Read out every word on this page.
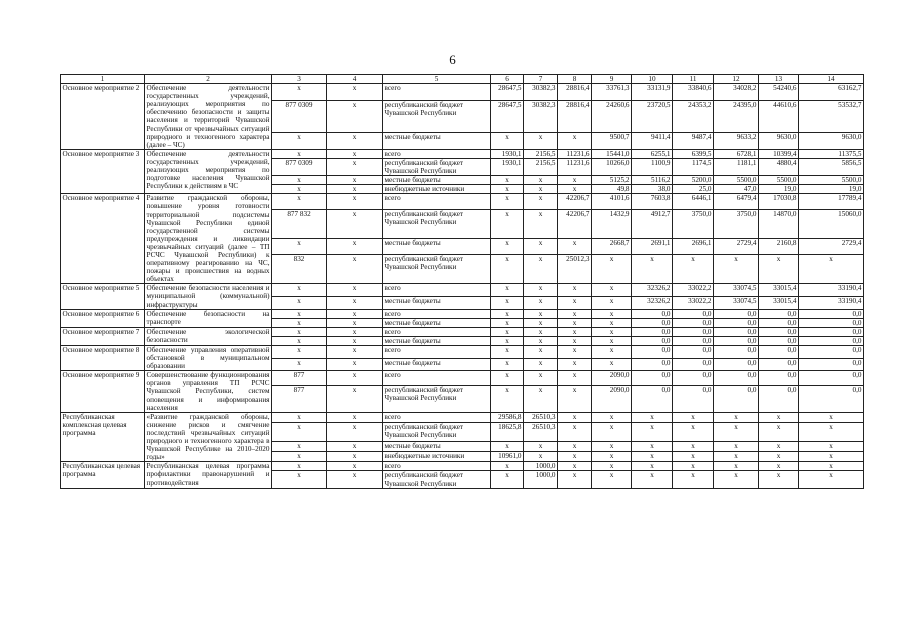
6
1	2	3	4	5	6	7	8	9	10	11	12	13	14
Основное мероприятие 2	Обеспечение деятельности государственных учреждений, реализующих мероприятия по обеспечению безопасности и защиты населения и территорий Чувашской Республики от чрезвычайных ситуаций природного и техногенного характера (далее – ЧС)	x	x	всего	28647,5	30382,3	28816,4	33761,3	33131,9	33840,6	34028,2	54240,6	63162,7
		877 0309	x	республиканский бюджет Чувашской Республики	28647,5	30382,3	28816,4	24260,6	23720,5	24353,2	24395,0	44610,6	53532,7
		x	x	местные бюджеты	x	x	x	9500,7	9411,4	9487,4	9633,2	9630,0	9630,0
Основное мероприятие 3	Обеспечение деятельности государственных учреждений, реализующих мероприятия по подготовке населения Чувашской Республики к действиям в ЧС	x	x	всего	1930,1	2156,5	11231,6	15441,0	6255,1	6399,5	6728,1	10399,4	11375,5
		877 0309	x	республиканский бюджет Чувашской Республики	1930,1	2156,5	11231,6	10266,0	1100,9	1174,5	1181,1	4880,4	5856,5
		x	x	местные бюджеты	x	x	x	5125,2	5116,2	5200,0	5500,0	5500,0	5500,0
		x	x	внебюджетные источники	x	x	x	49,8	38,0	25,0	47,0	19,0	19,0
Основное мероприятие 4	Развитие гражданской обороны, повышение уровня готовности территориальной подсистемы Чувашской Республики единой государственной системы предупреждения и ликвидации чрезвычайных ситуаций (далее – ТП РСЧС Чувашской Республики) к оперативному реагированию на ЧС, пожары и происшествия на водных объектах	x	x	всего	x	x	42206,7	4101,6	7603,8	6446,1	6479,4	17030,8	17789,4
		877 832	x	республиканский бюджет Чувашской Республики	x	x	42206,7	1432,9	4912,7	3750,0	3750,0	14870,0	15060,0
		x	x	местные бюджеты	x	x	x	2668,7	2691,1	2696,1	2729,4	2160,8	2729,4
		832	x	республиканский бюджет Чувашской Республики	x	x	25012,3	x	x	x	x	x	x
Основное мероприятие 5	Обеспечение безопасности населения и муниципальной (коммунальной) инфраструктуры	x	x	всего	x	x	x	x	32326,2	33022,2	33074,5	33015,4	33190,4
		x	x	местные бюджеты	x	x	x	x	32326,2	33022,2	33074,5	33015,4	33190,4
Основное мероприятие 6	Обеспечение безопасности на транспорте	x	x	всего	x	x	x	x	0,0	0,0	0,0	0,0	0,0
		x	x	местные бюджеты	x	x	x	x	0,0	0,0	0,0	0,0	0,0
Основное мероприятие 7	Обеспечение экологической безопасности	x	x	всего	x	x	x	x	0,0	0,0	0,0	0,0	0,0
		x	x	местные бюджеты	x	x	x	x	0,0	0,0	0,0	0,0	0,0
Основное мероприятие 8	Обеспечение управления оперативной обстановкой в муниципальном образовании	x	x	всего	x	x	x	x	0,0	0,0	0,0	0,0	0,0
		x	x	местные бюджеты	x	x	x	x	0,0	0,0	0,0	0,0	0,0
Основное мероприятие 9	Совершенствование функционирования органов управления ТП РСЧС Чувашской Республики, систем оповещения и информирования населения	877	x	всего	x	x	x	2090,0	0,0	0,0	0,0	0,0	0,0
		877	x	республиканский бюджет Чувашской Республики	x	x	x	2090,0	0,0	0,0	0,0	0,0	0,0
Республиканская комплексная целевая программа	«Развитие гражданской обороны, снижение рисков и смягчение последствий чрезвычайных ситуаций природного и техногенного характера в Чувашской Республике на 2010–2020 годы»	x	x	всего	29586,8	26510,3	x	x	x	x	x	x	x
		x	x	республиканский бюджет Чувашской Республики	18625,8	26510,3	x	x	x	x	x	x	x
		x	x	местные бюджеты	x	x	x	x	x	x	x	x	x
		x	x	внебюджетные источники	10961,0	x	x	x	x	x	x	x	x
Республиканская целевая программа	Республиканская целевая программа профилактики правонарушений и противодействия	x	x	всего	x	1000,0	x	x	x	x	x	x	x
		x	x	республиканский бюджет Чувашской Республики	x	1000,0	x	x	x	x	x	x	x
